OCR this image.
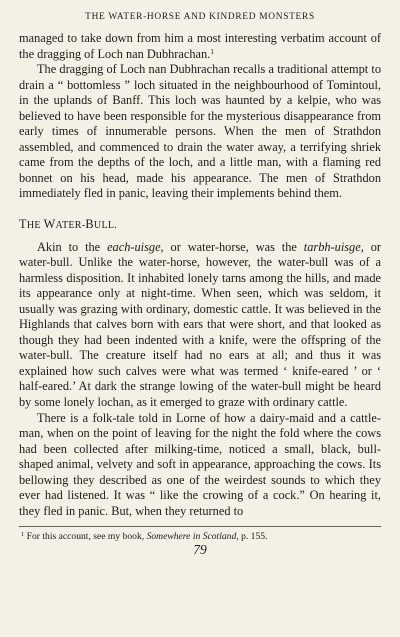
THE WATER-HORSE AND KINDRED MONSTERS

managed to take down from him a most interesting verbatim account of the dragging of Loch nan Dubhrachan.$^1$

The dragging of Loch nan Dubhrachan recalls a traditional attempt to drain a “ bottomless ” loch situated in the neighbourhood of Tomintoul, in the uplands of Banff. This loch was haunted by a kelpie, who was believed to have been responsible for the mysterious disappearance from early times of innumerable persons. When the men of Strathdon assembled, and commenced to drain the water away, a terrifying shriek came from the depths of the loch, and a little man, with a flaming red bonnet on his head, made his appearance. The men of Strathdon immediately fled in panic, leaving their implements behind them.

THE WATER-BULL.

Akin to the each-uisge, or water-horse, was the tarbh-uisge, or water-bull. Unlike the water-horse, however, the water-bull was of a harmless disposition. It inhabited lonely tarns among the hills, and made its appearance only at night-time. When seen, which was seldom, it usually was grazing with ordinary, domestic cattle. It was believed in the Highlands that calves born with ears that were short, and that looked as though they had been indented with a knife, were the offspring of the water-bull. The creature itself had no ears at all; and thus it was explained how such calves were what was termed ‘ knife-eared ’ or ‘ half-eared.’ At dark the strange lowing of the water-bull might be heard by some lonely lochan, as it emerged to graze with ordinary cattle.

There is a folk-tale told in Lorne of how a dairy-maid and a cattle-man, when on the point of leaving for the night the fold where the cows had been collected after milking-time, noticed a small, black, bull-shaped animal, velvety and soft in appearance, approaching the cows. Its bellowing they described as one of the weirdest sounds to which they ever had listened. It was “ like the crowing of a cock.” On hearing it, they fled in panic. But, when they returned to

$^1$ For this account, see my book, Somewhere in Scotland, p. 155.
79
